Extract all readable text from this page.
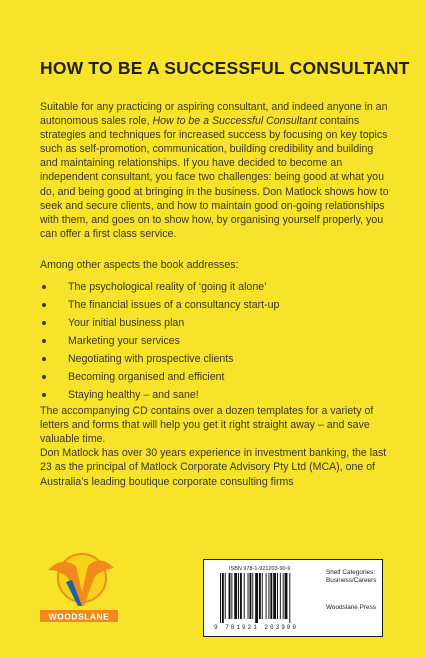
HOW TO BE A SUCCESSFUL CONSULTANT

Suitable for any practicing or aspiring consultant, and indeed anyone in an autonomous sales role, How to be a Successful Consultant contains strategies and techniques for increased success by focusing on key topics such as self-promotion, communication, building credibility and building and maintaining relationships. If you have decided to become an independent consultant, you face two challenges: being good at what you do, and being good at bringing in the business. Don Matlock shows how to seek and secure clients, and how to maintain good on-going relationships with them, and goes on to show how, by organising yourself properly, you can offer a first class service.

Among other aspects the book addresses:

The psychological reality of ‘going it alone’
The financial issues of a consultancy start-up
Your initial business plan
Marketing your services
Negotiating with prospective clients
Becoming organised and efficient
Staying healthy – and sane!

The accompanying CD contains over a dozen templates for a variety of letters and forms that will help you get it right straight away – and save valuable time.

Don Matlock has over 30 years experience in investment banking, the last 23 as the principal of Matlock Corporate Advisory Pty Ltd (MCA), one of Australia’s leading boutique corporate consulting firms

WOODSLANE
ISBN 978-1-921203-90-9
9 781921 203909
Shelf Categories:
Business/Careers
Woodslane Press
